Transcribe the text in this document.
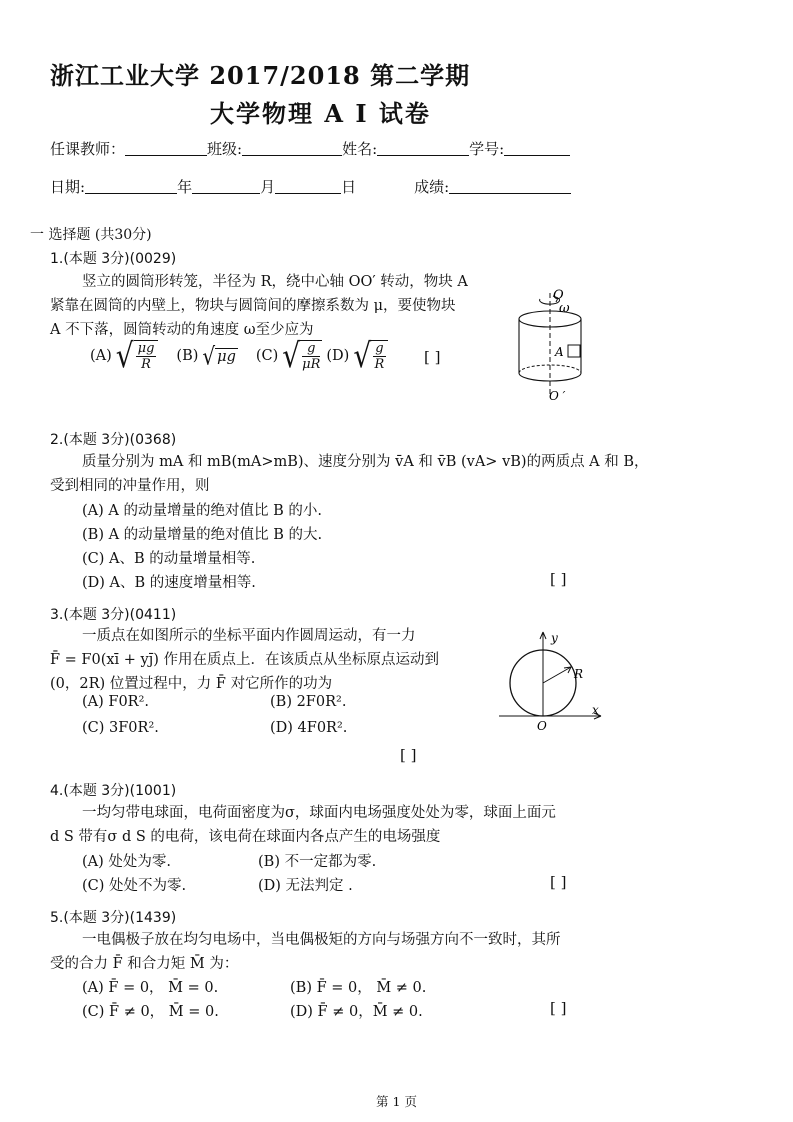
浙江工业大学 2017/2018 第二学期
大学物理 A Ⅰ 试卷
任课教师：	班级:	姓名:	学号:
日期:	年	月	日	成绩:
一 选择题 (共30分)
1.(本题 3分)(0029)
竖立的圆筒形转笼，半径为 R，绕中心轴 OO′ 转动，物块 A
紧靠在圆筒的内壁上，物块与圆筒间的摩擦系数为 μ，要使物块
A 不下落，圆筒转动的角速度 ω至少应为
(A) √ $\frac{\mu g}{R} (B)$ √ μg (C) √ $\frac{g}{\mu R} (D)$ √ $\frac{g}{R}$	[ ]
O
ω
A
O ′
2.(本题 3分)(0368)
质量分别为 mA 和 mB(mA>mB)、速度分别为 v̄A 和 v̄B (vA> vB)的两质点 A 和 B，
受到相同的冲量作用，则
(A) A 的动量增量的绝对值比 B 的小.
(B) A 的动量增量的绝对值比 B 的大.
(C) A、B 的动量增量相等.
(D) A、B 的速度增量相等.	[ ]
3.(本题 3分)(0411)
一质点在如图所示的坐标平面内作圆周运动，有一力
F̄ = F0(xī + yj̄) 作用在质点上．在该质点从坐标原点运动到
(0，2R) 位置过程中，力 F̄ 对它所作的功为
(A) F0R².	(B) 2F0R².
(C) 3F0R².	(D) 4F0R².
[ ]
y
x
O
R
4.(本题 3分)(1001)
一均匀带电球面，电荷面密度为σ，球面内电场强度处处为零，球面上面元
d S 带有σ d S 的电荷，该电荷在球面内各点产生的电场强度
(A) 处处为零.	(B) 不一定都为零.
(C) 处处不为零.	(D) 无法判定 .	[ ]
5.(本题 3分)(1439)
一电偶极子放在均匀电场中，当电偶极矩的方向与场强方向不一致时，其所
受的合力 F̄ 和合力矩 M̄ 为：
(A) F̄ = 0， M̄ = 0.	(B) F̄ = 0， M̄ ≠ 0.
(C) F̄ ≠ 0， M̄ = 0.	(D) F̄ ≠ 0，M̄ ≠ 0.	[ ]
第 1 页
